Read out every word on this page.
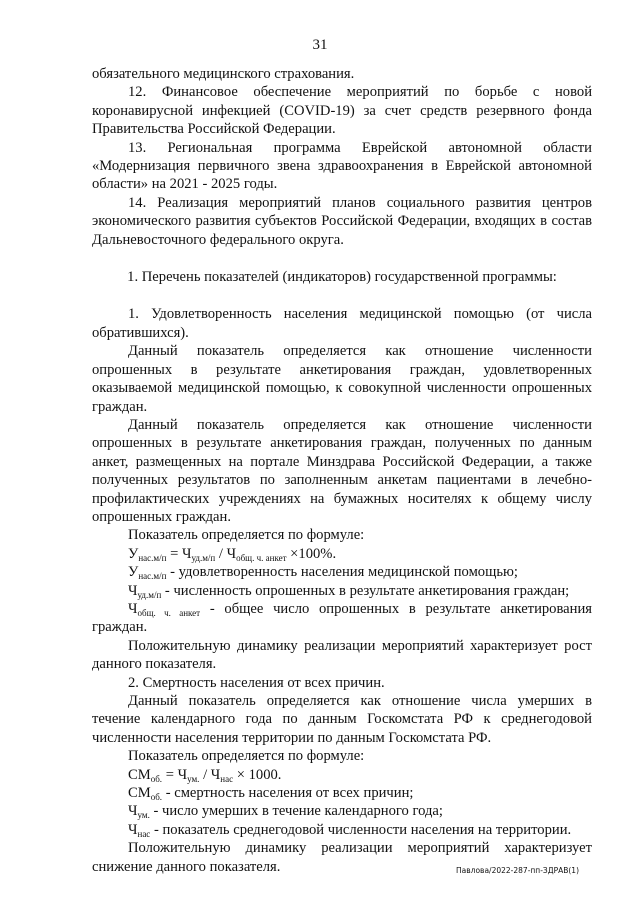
31

обязательного медицинского страхования.

12. Финансовое обеспечение мероприятий по борьбе с новой коронавирусной инфекцией (COVID-19) за счет средств резервного фонда Правительства Российской Федерации.

13. Региональная программа Еврейской автономной области «Модернизация первичного звена здравоохранения в Еврейской автономной области» на 2021 - 2025 годы.

14. Реализация мероприятий планов социального развития центров экономического развития субъектов Российской Федерации, входящих в состав Дальневосточного федерального округа.

1. Перечень показателей (индикаторов) государственной программы:

1. Удовлетворенность населения медицинской помощью (от числа обратившихся).

Данный показатель определяется как отношение численности опрошенных в результате анкетирования граждан, удовлетворенных оказываемой медицинской помощью, к совокупной численности опрошенных граждан.

Данный показатель определяется как отношение численности опрошенных в результате анкетирования граждан, полученных по данным анкет, размещенных на портале Минздрава Российской Федерации, а также полученных результатов по заполненным анкетам пациентами в лечебно-профилактических учреждениях на бумажных носителях к общему числу опрошенных граждан.

Показатель определяется по формуле:

$У_{нас.м/п} = Ч_{уд.м/п} / Ч_{общ. ч. анкет} \times 100\%$.

$У_{нас.м/п}$ - удовлетворенность населения медицинской помощью;

$Ч_{уд.м/п}$ - численность опрошенных в результате анкетирования граждан;

$Ч_{общ. ч. анкет}$ - общее число опрошенных в результате анкетирования граждан.

Положительную динамику реализации мероприятий характеризует рост данного показателя.

2. Смертность населения от всех причин.

Данный показатель определяется как отношение числа умерших в течение календарного года по данным Госкомстата РФ к среднегодовой численности населения территории по данным Госкомстата РФ.

Показатель определяется по формуле:

$СМ_{об.} = Ч_{ум.} / Ч_{нас} \times 1000$.

$СМ_{об.}$ - смертность населения от всех причин;

$Ч_{ум.}$ - число умерших в течение календарного года;

$Ч_{нас}$ - показатель среднегодовой численности населения на территории.

Положительную динамику реализации мероприятий характеризует снижение данного показателя.	Павлова/2022-287-пп-ЗДРАВ(1)
